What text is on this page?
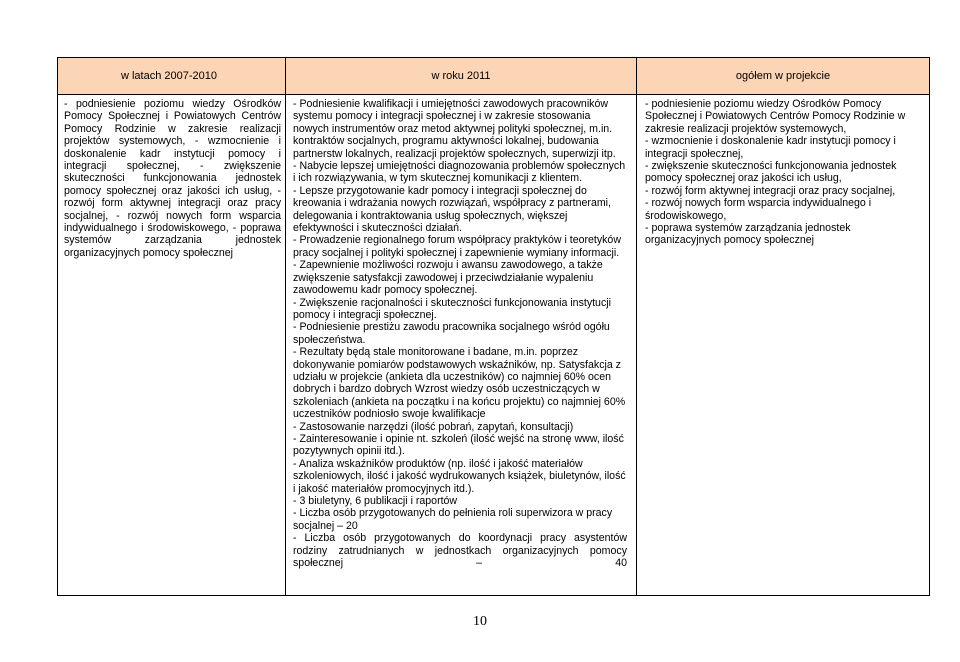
w latach 2007-2010	w roku 2011	ogółem w projekcie

- podniesienie poziomu wiedzy Ośrodków Pomocy Społecznej i Powiatowych Centrów Pomocy Rodzinie w zakresie realizacji projektów systemowych, - wzmocnienie i doskonalenie kadr instytucji pomocy i integracji społecznej, - zwiększenie skuteczności funkcjonowania jednostek pomocy społecznej oraz jakości ich usług, - rozwój form aktywnej integracji oraz pracy socjalnej, - rozwój nowych form wsparcia indywidualnego i środowiskowego, - poprawa systemów zarządzania jednostek organizacyjnych pomocy społecznej

- Podniesienie kwalifikacji i umiejętności zawodowych pracowników systemu pomocy i integracji społecznej i w zakresie stosowania nowych instrumentów oraz metod aktywnej polityki społecznej, m.in. kontraktów socjalnych, programu aktywności lokalnej, budowania partnerstw lokalnych, realizacji projektów społecznych, superwizji itp.

- Nabycie lepszej umiejętności diagnozowania problemów społecznych i ich rozwiązywania, w tym skutecznej komunikacji z klientem.

- Lepsze przygotowanie kadr pomocy i integracji społecznej do kreowania i wdrażania nowych rozwiązań, współpracy z partnerami, delegowania i kontraktowania usług społecznych, większej efektywności i skuteczności działań.

- Prowadzenie regionalnego forum współpracy praktyków i teoretyków pracy socjalnej i polityki społecznej i zapewnienie wymiany informacji.

- Zapewnienie możliwości rozwoju i awansu zawodowego, a także zwiększenie satysfakcji zawodowej i przeciwdziałanie wypaleniu zawodowemu kadr pomocy społecznej.

- Zwiększenie racjonalności i skuteczności funkcjonowania instytucji pomocy i integracji społecznej.

- Podniesienie prestiżu zawodu pracownika socjalnego wśród ogółu społeczeństwa.

- Rezultaty będą stale monitorowane i badane, m.in. poprzez dokonywanie pomiarów podstawowych wskaźników, np. Satysfakcja z udziału w projekcie (ankieta dla uczestników) co najmniej 60% ocen dobrych i bardzo dobrych Wzrost wiedzy osób uczestniczących w szkoleniach (ankieta na początku i na końcu projektu) co najmniej 60% uczestników podniosło swoje kwalifikacje

- Zastosowanie narzędzi (ilość pobrań, zapytań, konsultacji)

- Zainteresowanie i opinie nt. szkoleń (ilość wejść na stronę www, ilość pozytywnych opinii itd.).

- Analiza wskaźników produktów (np. ilość i jakość materiałów szkoleniowych, ilość i jakość wydrukowanych książek, biuletynów, ilość i jakość materiałów promocyjnych itd.).

- 3 biuletyny, 6 publikacji i raportów

- Liczba osób przygotowanych do pełnienia roli superwizora w pracy socjalnej – 20

- Liczba osób przygotowanych do koordynacji pracy asystentów rodziny zatrudnianych w jednostkach organizacyjnych pomocy społecznej – 40

- podniesienie poziomu wiedzy Ośrodków Pomocy Społecznej i Powiatowych Centrów Pomocy Rodzinie w zakresie realizacji projektów systemowych,

- wzmocnienie i doskonalenie kadr instytucji pomocy i integracji społecznej,

- zwiększenie skuteczności funkcjonowania jednostek pomocy społecznej oraz jakości ich usług,

- rozwój form aktywnej integracji oraz pracy socjalnej,

- rozwój nowych form wsparcia indywidualnego i środowiskowego,

- poprawa systemów zarządzania jednostek organizacyjnych pomocy społecznej

10
